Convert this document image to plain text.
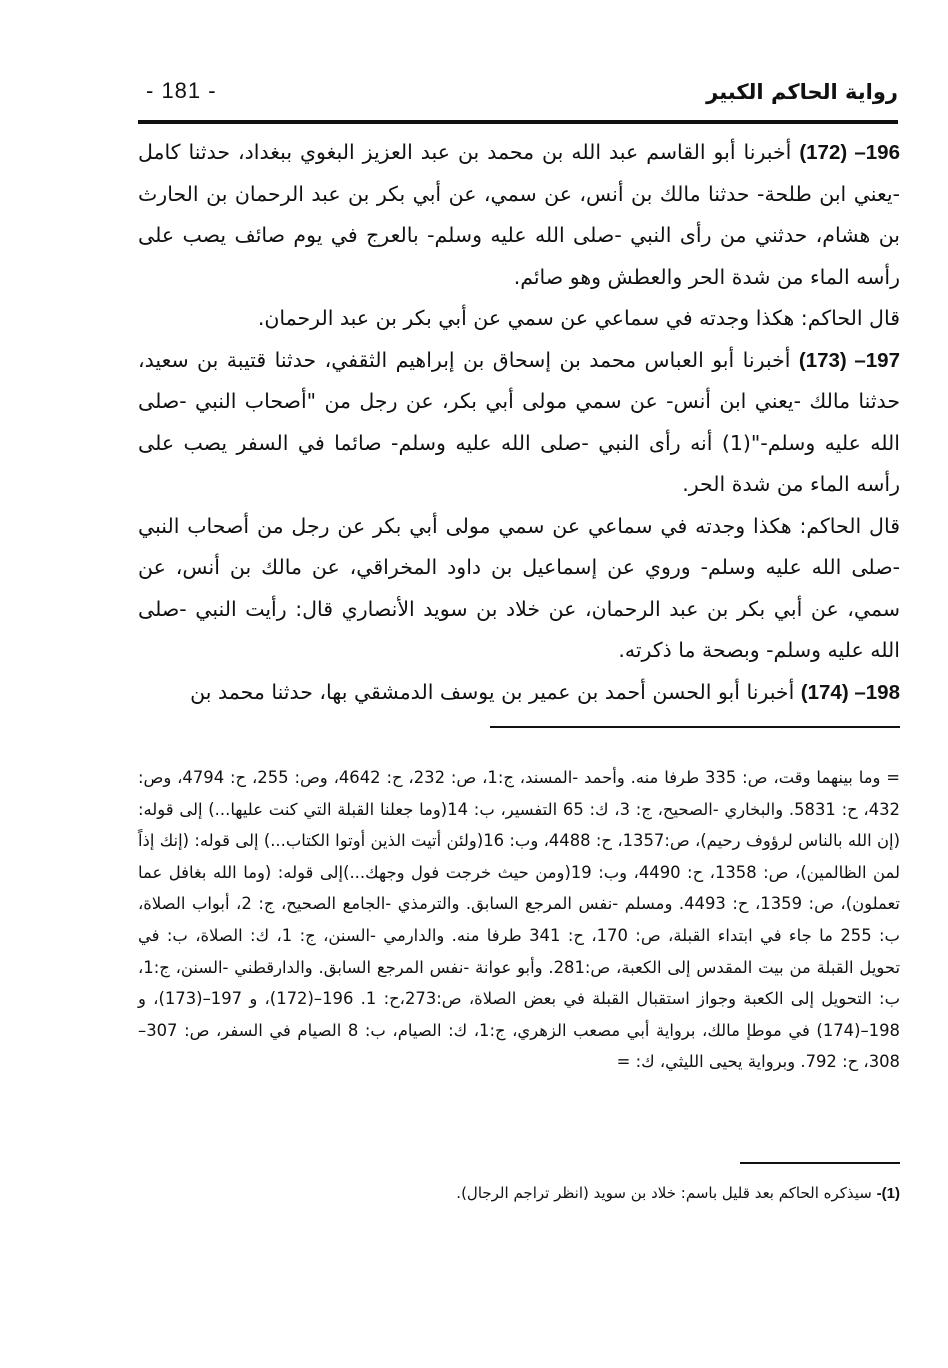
- 181 -	رواية الحاكم الكبير

196– (172) أخبرنا أبو القاسم عبد الله بن محمد بن عبد العزيز البغوي ببغداد، حدثنا كامل -يعني ابن طلحة- حدثنا مالك بن أنس، عن سمي، عن أبي بكر بن عبد الرحمان بن الحارث بن هشام، حدثني من رأى النبي -صلى الله عليه وسلم- بالعرج في يوم صائف يصب على رأسه الماء من شدة الحر والعطش وهو صائم.

قال الحاكم: هكذا وجدته في سماعي عن سمي عن أبي بكر بن عبد الرحمان.

197– (173) أخبرنا أبو العباس محمد بن إسحاق بن إبراهيم الثقفي، حدثنا قتيبة بن سعيد، حدثنا مالك -يعني ابن أنس- عن سمي مولى أبي بكر، عن رجل من "أصحاب النبي -صلى الله عليه وسلم-"(1) أنه رأى النبي -صلى الله عليه وسلم- صائما في السفر يصب على رأسه الماء من شدة الحر.

قال الحاكم: هكذا وجدته في سماعي عن سمي مولى أبي بكر عن رجل من أصحاب النبي -صلى الله عليه وسلم- وروي عن إسماعيل بن داود المخراقي، عن مالك بن أنس، عن سمي، عن أبي بكر بن عبد الرحمان، عن خلاد بن سويد الأنصاري قال: رأيت النبي -صلى الله عليه وسلم- وبصحة ما ذكرته.

198– (174) أخبرنا أبو الحسن أحمد بن عمير بن يوسف الدمشقي بها، حدثنا محمد بن

= وما بينهما وقت، ص: 335 طرفا منه. وأحمد -المسند، ج:1، ص: 232، ح: 4642، وص: 255، ح: 4794، وص: 432، ح: 5831. والبخاري -الصحيح، ج: 3، ك: 65 التفسير، ب: 14(وما جعلنا القبلة التي كنت عليها...) إلى قوله: (إن الله بالناس لرؤوف رحيم)، ص:1357، ح: 4488، وب: 16(ولئن أتيت الذين أوتوا الكتاب...) إلى قوله: (إنك إذاً لمن الظالمين)، ص: 1358، ح: 4490، وب: 19(ومن حيث خرجت فول وجهك...)إلى قوله: (وما الله بغافل عما تعملون)، ص: 1359، ح: 4493. ومسلم -نفس المرجع السابق. والترمذي -الجامع الصحيح، ج: 2، أبواب الصلاة، ب: 255 ما جاء في ابتداء القبلة، ص: 170، ح: 341 طرفا منه. والدارمي -السنن، ج: 1، ك: الصلاة، ب: في تحويل القبلة من بيت المقدس إلى الكعبة، ص:281. وأبو عوانة -نفس المرجع السابق. والدارقطني -السنن، ج:1، ب: التحويل إلى الكعبة وجواز استقبال القبلة في بعض الصلاة، ص:273،ح: 1. 196–(172)، و 197–(173)، و 198–(174) في موطإ مالك، برواية أبي مصعب الزهري، ج:1، ك: الصيام، ب: 8 الصيام في السفر، ص: 307–308، ح: 792. وبرواية يحيى الليثي، ك: =

(1)- سيذكره الحاكم بعد قليل باسم: خلاد بن سويد (انظر تراجم الرجال).
